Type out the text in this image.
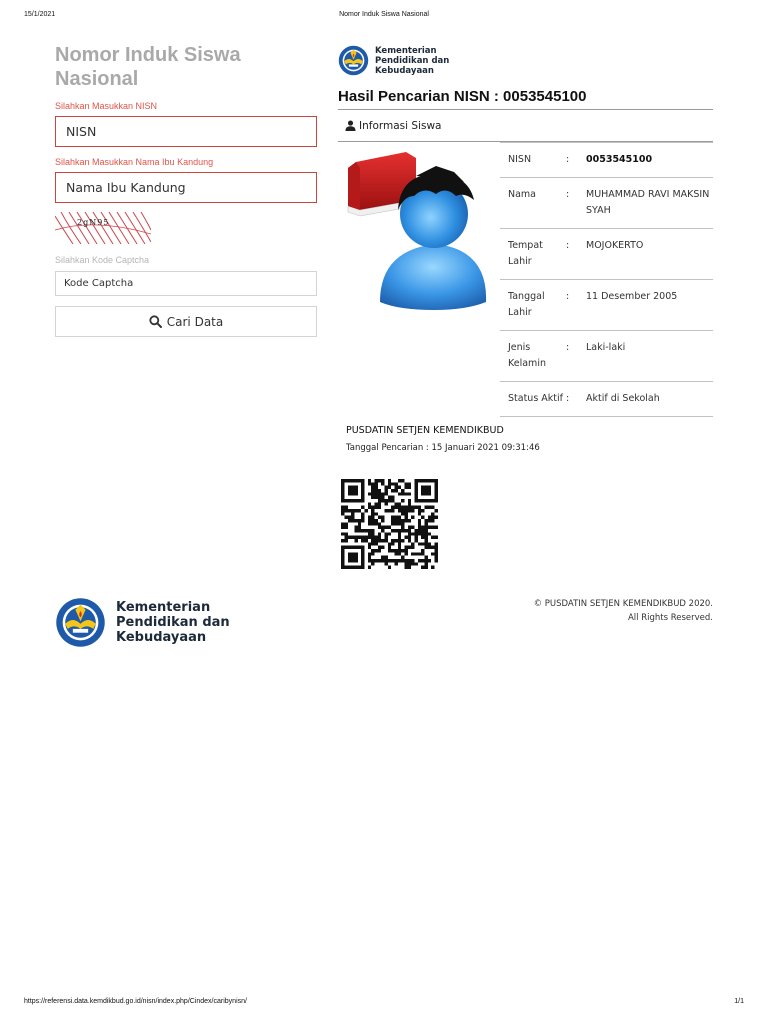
15/1/2021	Nomor Induk Siswa Nasional
Nomor Induk Siswa Nasional
Silahkan Masukkan NISN
NISN
Silahkan Masukkan Nama Ibu Kandung
Nama Ibu Kandung
2gN95
Silahkan Kode Captcha
Kode Captcha
Cari Data
Kementerian
Pendidikan dan
Kebudayaan
Hasil Pencarian NISN : 0053545100
Informasi Siswa
NISN	:	0053545100
Nama	:	MUHAMMAD RAVI MAKSIN SYAH
Tempat Lahir	:	MOJOKERTO
Tanggal Lahir	:	11 Desember 2005
Jenis Kelamin	:	Laki-laki
Status Aktif	:	Aktif di Sekolah
PUSDATIN SETJEN KEMENDIKBUD
Tanggal Pencarian : 15 Januari 2021 09:31:46
Kementerian
Pendidikan dan
Kebudayaan
© PUSDATIN SETJEN KEMENDIKBUD 2020.
All Rights Reserved.
https://referensi.data.kemdikbud.go.id/nisn/index.php/Cindex/caribynisn/	1/1
